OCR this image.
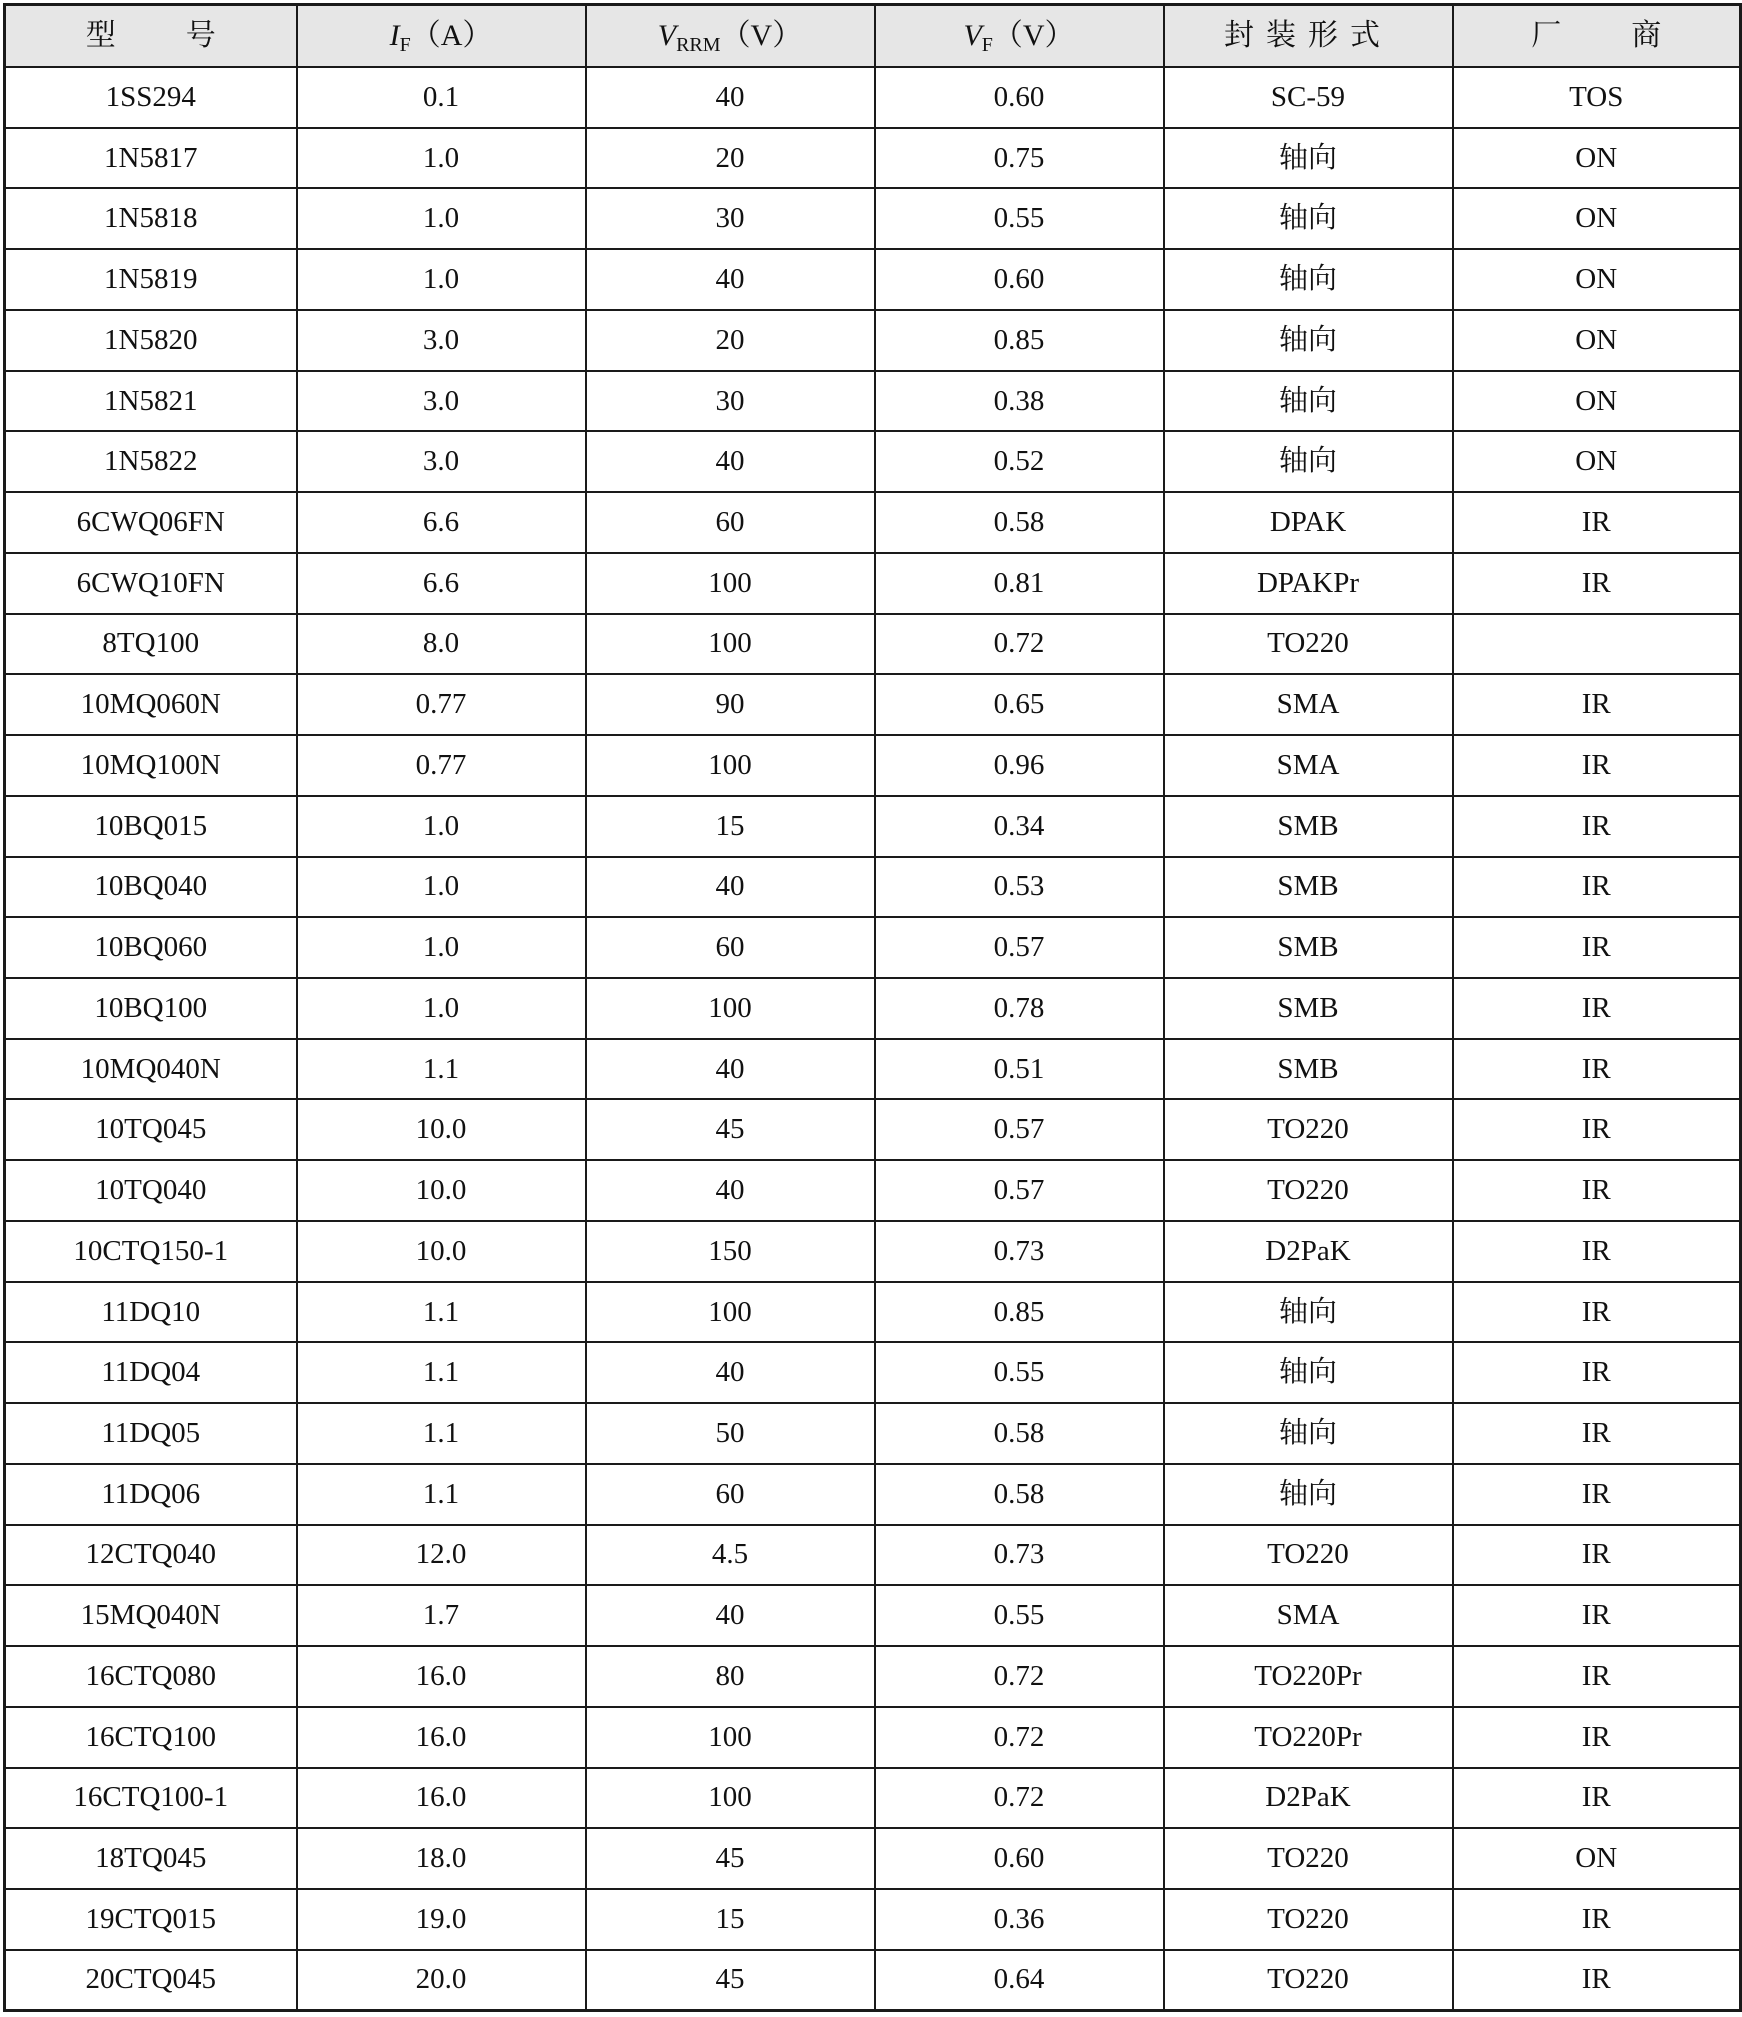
型 号	$I_F(A)$	$V_{RRM}(V)$	$V_F(V)$	封装形式	厂 商
1SS294	0.1	40	0.60	SC-59	TOS
1N5817	1.0	20	0.75	轴向	ON
1N5818	1.0	30	0.55	轴向	ON
1N5819	1.0	40	0.60	轴向	ON
1N5820	3.0	20	0.85	轴向	ON
1N5821	3.0	30	0.38	轴向	ON
1N5822	3.0	40	0.52	轴向	ON
6CWQ06FN	6.6	60	0.58	DPAK	IR
6CWQ10FN	6.6	100	0.81	DPAKPr	IR
8TQ100	8.0	100	0.72	TO220	
10MQ060N	0.77	90	0.65	SMA	IR
10MQ100N	0.77	100	0.96	SMA	IR
10BQ015	1.0	15	0.34	SMB	IR
10BQ040	1.0	40	0.53	SMB	IR
10BQ060	1.0	60	0.57	SMB	IR
10BQ100	1.0	100	0.78	SMB	IR
10MQ040N	1.1	40	0.51	SMB	IR
10TQ045	10.0	45	0.57	TO220	IR
10TQ040	10.0	40	0.57	TO220	IR
10CTQ150-1	10.0	150	0.73	D2PaK	IR
11DQ10	1.1	100	0.85	轴向	IR
11DQ04	1.1	40	0.55	轴向	IR
11DQ05	1.1	50	0.58	轴向	IR
11DQ06	1.1	60	0.58	轴向	IR
12CTQ040	12.0	4.5	0.73	TO220	IR
15MQ040N	1.7	40	0.55	SMA	IR
16CTQ080	16.0	80	0.72	TO220Pr	IR
16CTQ100	16.0	100	0.72	TO220Pr	IR
16CTQ100-1	16.0	100	0.72	D2PaK	IR
18TQ045	18.0	45	0.60	TO220	ON
19CTQ015	19.0	15	0.36	TO220	IR
20CTQ045	20.0	45	0.64	TO220	IR
